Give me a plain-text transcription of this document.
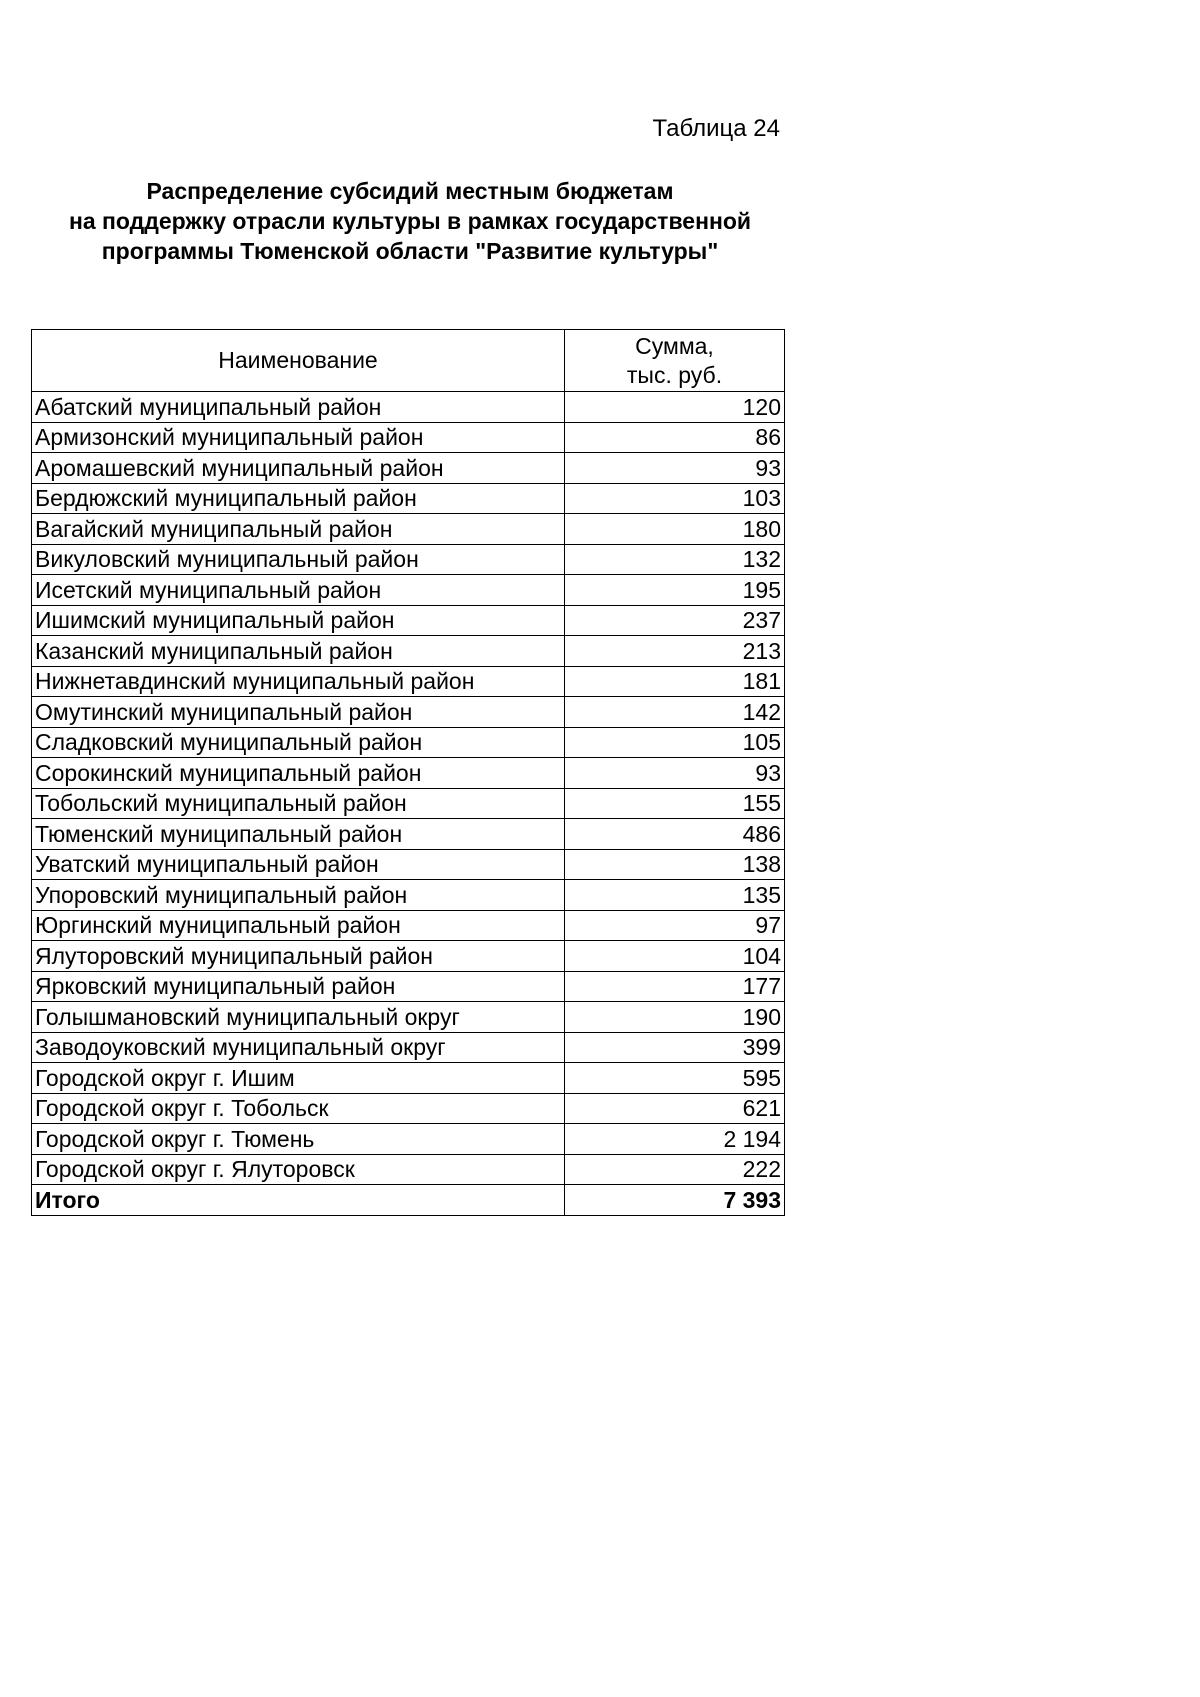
Таблица 24
Распределение субсидий местным бюджетам
на поддержку отрасли культуры в рамках государственной
программы Тюменской области "Развитие культуры"
Наименование	Сумма,
тыс. руб.

Абатский муниципальный район	120
Армизонский муниципальный район	86
Аромашевский муниципальный район	93
Бердюжский муниципальный район	103
Вагайский муниципальный район	180
Викуловский муниципальный район	132
Исетский муниципальный район	195
Ишимский муниципальный район	237
Казанский муниципальный район	213
Нижнетавдинский муниципальный район	181
Омутинский муниципальный район	142
Сладковский муниципальный район	105
Сорокинский муниципальный район	93
Тобольский муниципальный район	155
Тюменский муниципальный район	486
Уватский муниципальный район	138
Упоровский муниципальный район	135
Юргинский муниципальный район	97
Ялуторовский муниципальный район	104
Ярковский муниципальный район	177
Голышмановский муниципальный округ	190
Заводоуковский муниципальный округ	399
Городской округ г. Ишим	595
Городской округ г. Тобольск	621
Городской округ г. Тюмень	2 194
Городской округ г. Ялуторовск	222
Итого	7 393
